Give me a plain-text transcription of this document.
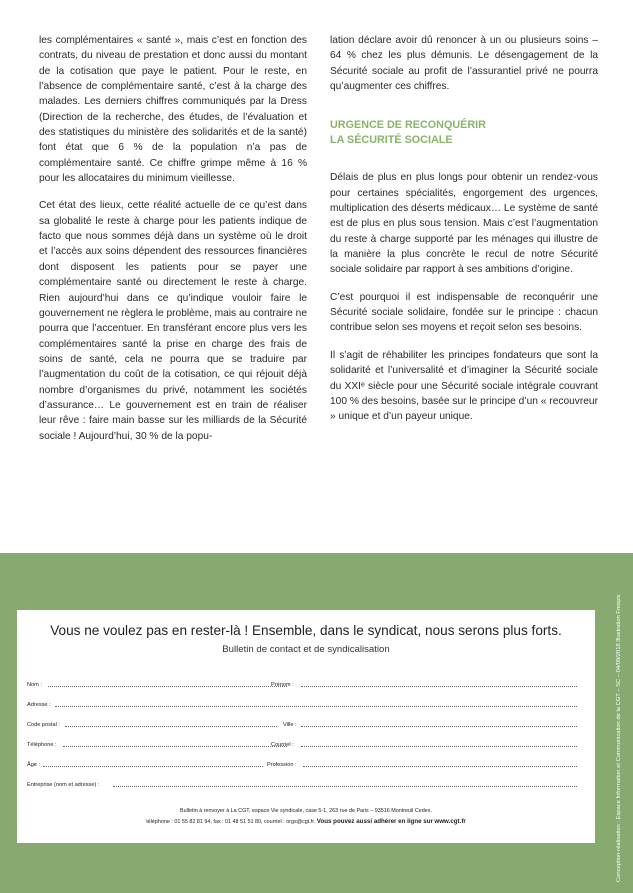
les complémentaires « santé », mais c’est en fonction des contrats, du niveau de prestation et donc aussi du montant de la cotisation que paye le patient. Pour le reste, en l’absence de complémentaire santé, c’est à la charge des malades. Les derniers chiffres communiqués par la Dress (Direction de la recherche, des études, de l’évaluation et des statistiques du ministère des solidarités et de la santé) font état que 6 % de la population n’a pas de complémentaire santé. Ce chiffre grimpe même à 16 % pour les allocataires du minimum vieillesse.

Cet état des lieux, cette réalité actuelle de ce qu’est dans sa globalité le reste à charge pour les patients indique de facto que nous sommes déjà dans un système où le droit et l’accès aux soins dépendent des ressources financières dont disposent les patients pour se payer une complémentaire santé ou directement le reste à charge. Rien aujourd’hui dans ce qu’indique vouloir faire le gouvernement ne règlera le problème, mais au contraire ne pourra que l’accentuer. En transférant encore plus vers les complémentaires santé la prise en charge des frais de soins de santé, cela ne pourra que se traduire par l’augmentation du coût de la cotisation, ce qui réjouit déjà nombre d’organismes du privé, notamment les sociétés d’assurance… Le gouvernement est en train de réaliser leur rêve : faire main basse sur les milliards de la Sécurité sociale ! Aujourd’hui, 30 % de la popu-

lation déclare avoir dû renoncer à un ou plusieurs soins – 64 % chez les plus démunis. Le désengagement de la Sécurité sociale au profit de l’assurantiel privé ne pourra qu’augmenter ces chiffres.

URGENCE DE RECONQUÉRIR
LA SÉCURITÉ SOCIALE

Délais de plus en plus longs pour obtenir un rendez-vous pour certaines spécialités, engorgement des urgences, multiplication des déserts médicaux… Le système de santé est de plus en plus sous tension. Mais c’est l’augmentation du reste à charge supporté par les ménages qui illustre de la manière la plus concrète le recul de notre Sécurité sociale solidaire par rapport à ses ambitions d’origine.

C’est pourquoi il est indispensable de reconquérir une Sécurité sociale solidaire, fondée sur le principe : chacun contribue selon ses moyens et reçoit selon ses besoins.

Il s’agit de réhabiliter les principes fondateurs que sont la solidarité et l’universalité et d’imaginer la Sécurité sociale du XXIᵉ siècle pour une Sécurité sociale intégrale couvrant 100 % des besoins, basée sur le principe d’un « recouvreur » unique et d’un payeur unique.

Vous ne voulez pas en rester-là ! Ensemble, dans le syndicat, nous serons plus forts.
Bulletin de contact et de syndicalisation
Nom :	Prénom :
Adresse :
Code postal :	Ville :
Téléphone :	Courriel :
Âge :	Profession :
Entreprise (nom et adresse) :
Bulletin à renvoyer à La CGT, espace Vie syndicale, case 5-1, 263 rue de Paris – 93516 Montreuil Cedex.
téléphone : 01 55 82 81 94, fax : 01 48 51 51 80, courriel : orgs@cgt.fr. Vous pouvez aussi adhérer en ligne sur www.cgt.fr	Conception-réalisation : Espace Information et Communication de la CGT – SC – 04/09/2018 Illustration Freepix
